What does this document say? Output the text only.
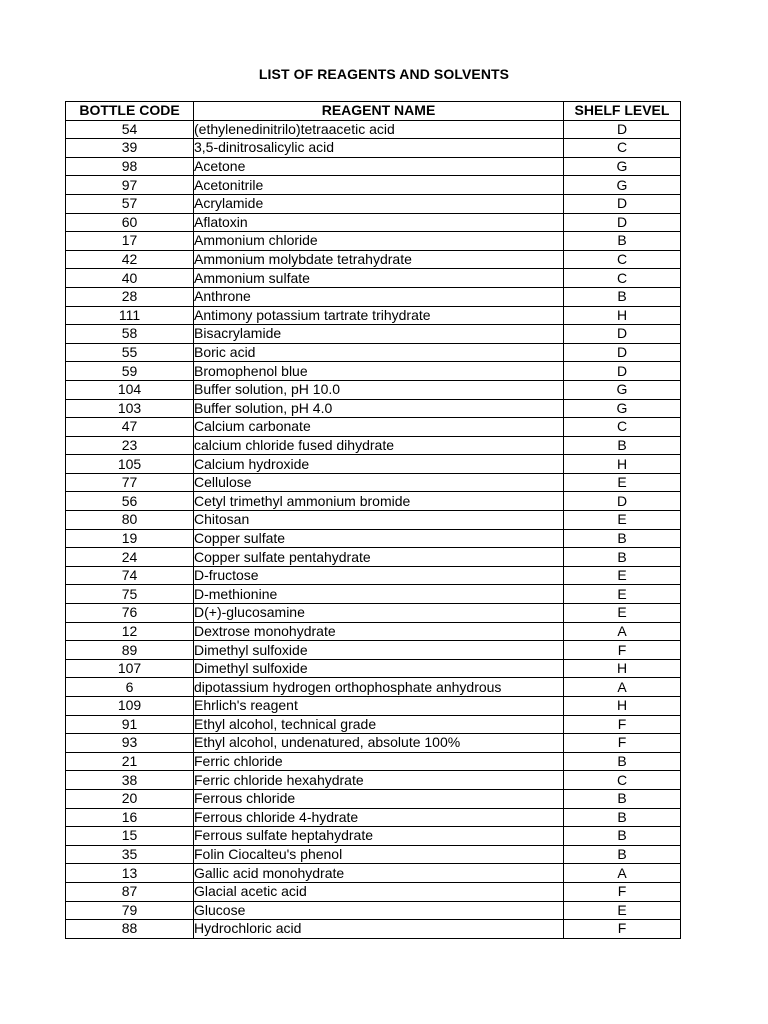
LIST OF REAGENTS AND SOLVENTS
BOTTLE CODE	REAGENT NAME	SHELF LEVEL
54	(ethylenedinitrilo)tetraacetic acid	D
39	3,5-dinitrosalicylic acid	C
98	Acetone	G
97	Acetonitrile	G
57	Acrylamide	D
60	Aflatoxin	D
17	Ammonium chloride	B
42	Ammonium molybdate tetrahydrate	C
40	Ammonium sulfate	C
28	Anthrone	B
111	Antimony potassium tartrate trihydrate	H
58	Bisacrylamide	D
55	Boric acid	D
59	Bromophenol blue	D
104	Buffer solution, pH 10.0	G
103	Buffer solution, pH 4.0	G
47	Calcium carbonate	C
23	calcium chloride fused dihydrate	B
105	Calcium hydroxide	H
77	Cellulose	E
56	Cetyl trimethyl ammonium bromide	D
80	Chitosan	E
19	Copper sulfate	B
24	Copper sulfate pentahydrate	B
74	D-fructose	E
75	D-methionine	E
76	D(+)-glucosamine	E
12	Dextrose monohydrate	A
89	Dimethyl sulfoxide	F
107	Dimethyl sulfoxide	H
6	dipotassium hydrogen orthophosphate anhydrous	A
109	Ehrlich's reagent	H
91	Ethyl alcohol, technical grade	F
93	Ethyl alcohol, undenatured, absolute 100%	F
21	Ferric chloride	B
38	Ferric chloride hexahydrate	C
20	Ferrous chloride	B
16	Ferrous chloride 4-hydrate	B
15	Ferrous sulfate heptahydrate	B
35	Folin Ciocalteu's phenol	B
13	Gallic acid monohydrate	A
87	Glacial acetic acid	F
79	Glucose	E
88	Hydrochloric acid	F
